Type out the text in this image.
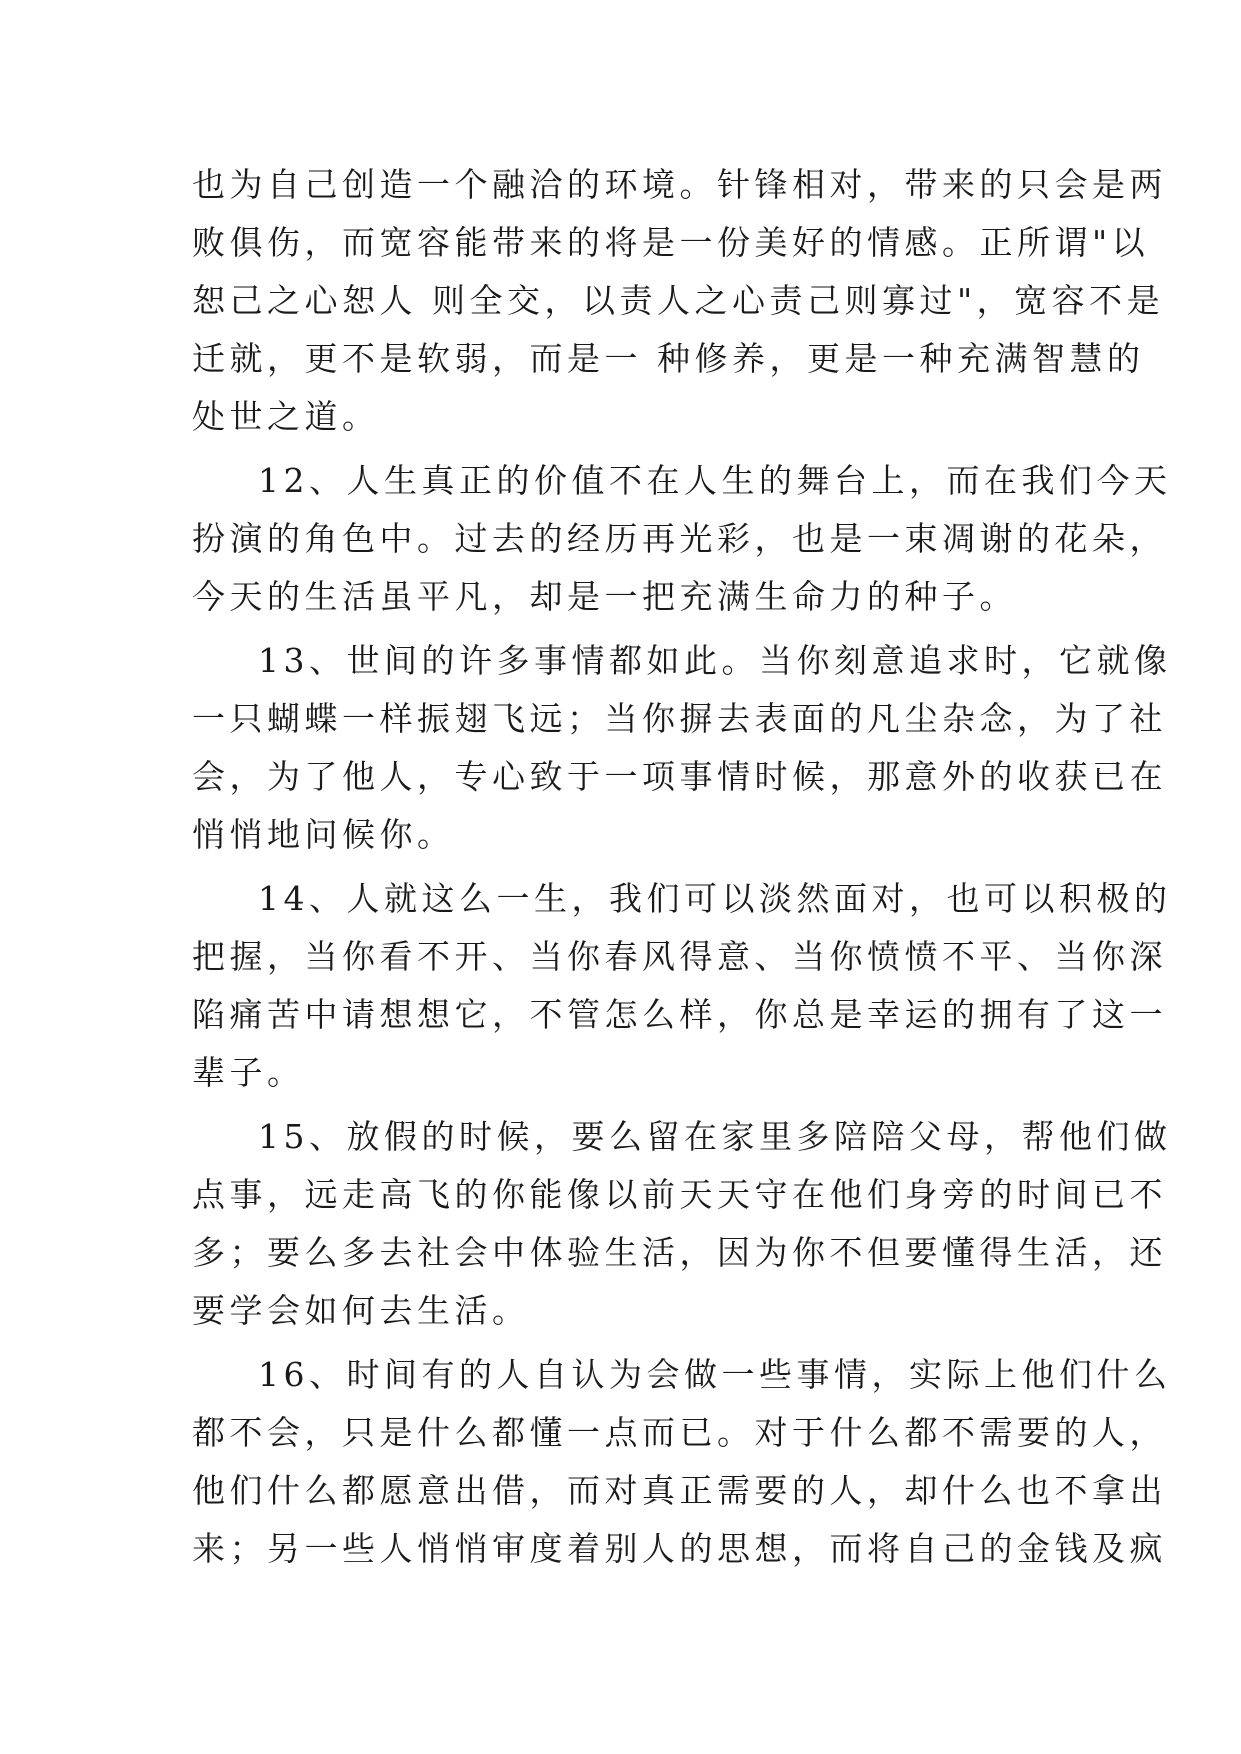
也为自己创造一个融洽的环境。针锋相对，带来的只会是两
败俱伤，而宽容能带来的将是一份美好的情感。正所谓"以
恕己之心恕人 则全交，以责人之心责己则寡过"，宽容不是
迁就，更不是软弱，而是一 种修养，更是一种充满智慧的
处世之道。
12、人生真正的价值不在人生的舞台上，而在我们今天
扮演的角色中。过去的经历再光彩，也是一束凋谢的花朵，
今天的生活虽平凡，却是一把充满生命力的种子。
13、世间的许多事情都如此。当你刻意追求时，它就像
一只蝴蝶一样振翅飞远；当你摒去表面的凡尘杂念，为了社
会，为了他人，专心致于一项事情时候，那意外的收获已在
悄悄地问候你。
14、人就这么一生，我们可以淡然面对，也可以积极的
把握，当你看不开、当你春风得意、当你愤愤不平、当你深
陷痛苦中请想想它，不管怎么样，你总是幸运的拥有了这一
辈子。
15、放假的时候，要么留在家里多陪陪父母，帮他们做
点事，远走高飞的你能像以前天天守在他们身旁的时间已不
多；要么多去社会中体验生活，因为你不但要懂得生活，还
要学会如何去生活。
16、时间有的人自认为会做一些事情，实际上他们什么
都不会，只是什么都懂一点而已。对于什么都不需要的人，
他们什么都愿意出借，而对真正需要的人，却什么也不拿出
来；另一些人悄悄审度着别人的思想，而将自己的金钱及疯
